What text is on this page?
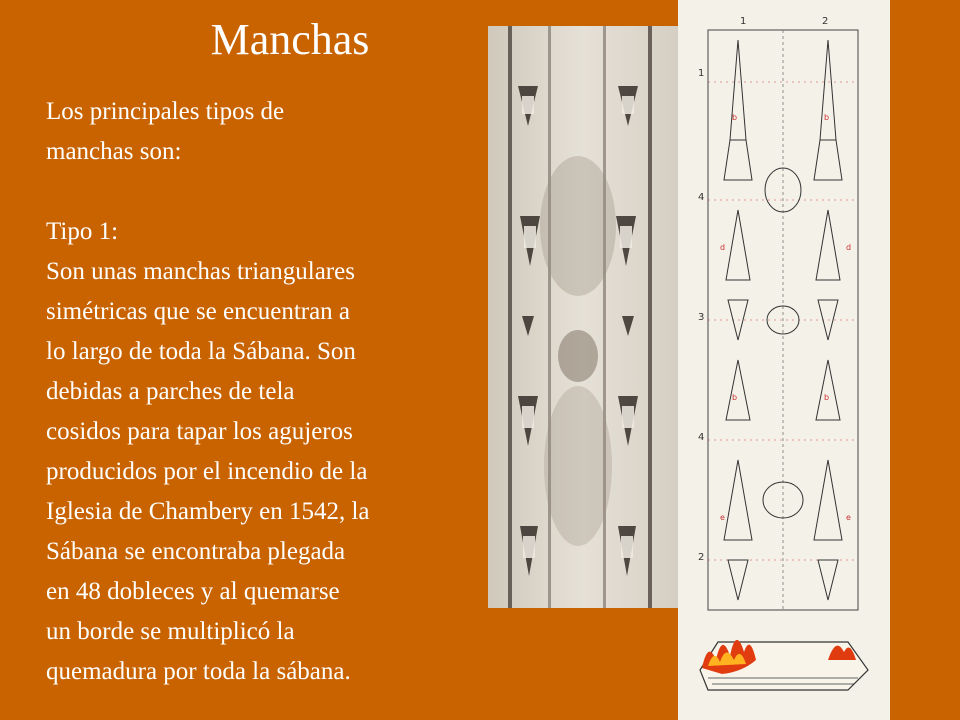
Manchas

Los principales tipos de

manchas son:

Tipo 1:

Son unas manchas triangulares

simétricas que se encuentran a

lo largo de toda la Sábana. Son

debidas a parches de tela

cosidos para tapar los agujeros

producidos por el incendio de la

Iglesia de Chambery en 1542, la

Sábana se encontraba plegada

en 48 dobleces y al quemarse

un borde se multiplicó la

quemadura por toda la sábana.

b	b
d	d
b	b
e	e
1	2
1
4
3
4
2
